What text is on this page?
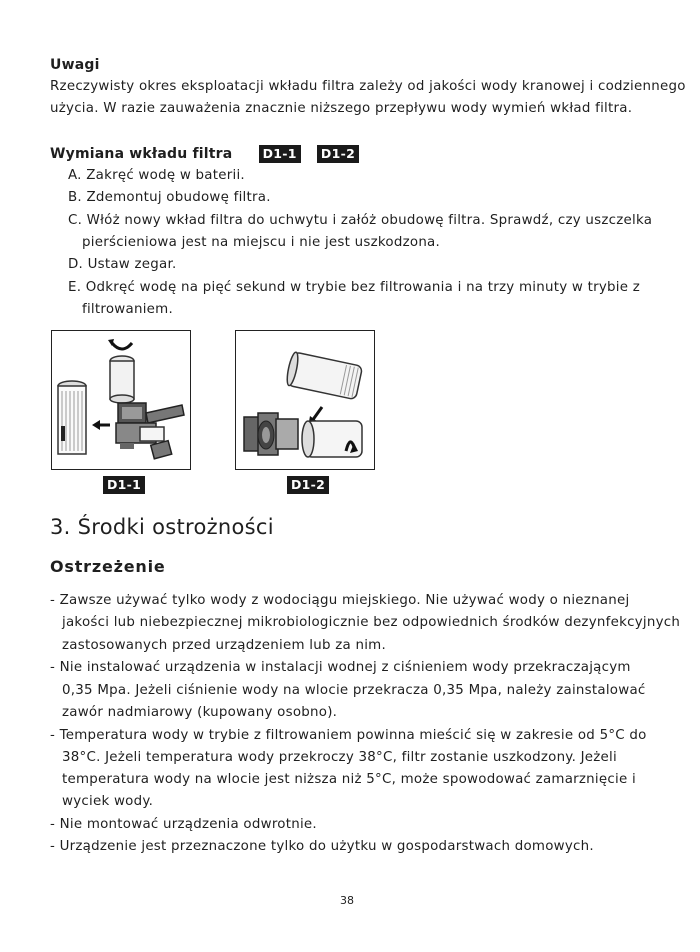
Uwagi
Rzeczywisty okres eksploatacji wkładu filtra zależy od jakości wody kranowej i codziennego
użycia. W razie zauważenia znacznie niższego przepływu wody wymień wkład filtra.
Wymiana wkładu filtra D1-1 D1-2
A. Zakręć wodę w baterii.
B. Zdemontuj obudowę filtra.
C. Włóż nowy wkład filtra do uchwytu i załóż obudowę filtra. Sprawdź, czy uszczelka
pierścieniowa jest na miejscu i nie jest uszkodzona.
D. Ustaw zegar.
E. Odkręć wodę na pięć sekund w trybie bez filtrowania i na trzy minuty w trybie z
filtrowaniem.
D1-1	D1-2
3. Środki ostrożności
Ostrzeżenie
- Zawsze używać tylko wody z wodociągu miejskiego. Nie używać wody o nieznanej
jakości lub niebezpiecznej mikrobiologicznie bez odpowiednich środków dezynfekcyjnych
zastosowanych przed urządzeniem lub za nim.
- Nie instalować urządzenia w instalacji wodnej z ciśnieniem wody przekraczającym
0,35 Mpa. Jeżeli ciśnienie wody na wlocie przekracza 0,35 Mpa, należy zainstalować
zawór nadmiarowy (kupowany osobno).
- Temperatura wody w trybie z filtrowaniem powinna mieścić się w zakresie od 5°C do
38°C. Jeżeli temperatura wody przekroczy 38°C, filtr zostanie uszkodzony. Jeżeli
temperatura wody na wlocie jest niższa niż 5°C, może spowodować zamarznięcie i
wyciek wody.
- Nie montować urządzenia odwrotnie.
- Urządzenie jest przeznaczone tylko do użytku w gospodarstwach domowych.
38
